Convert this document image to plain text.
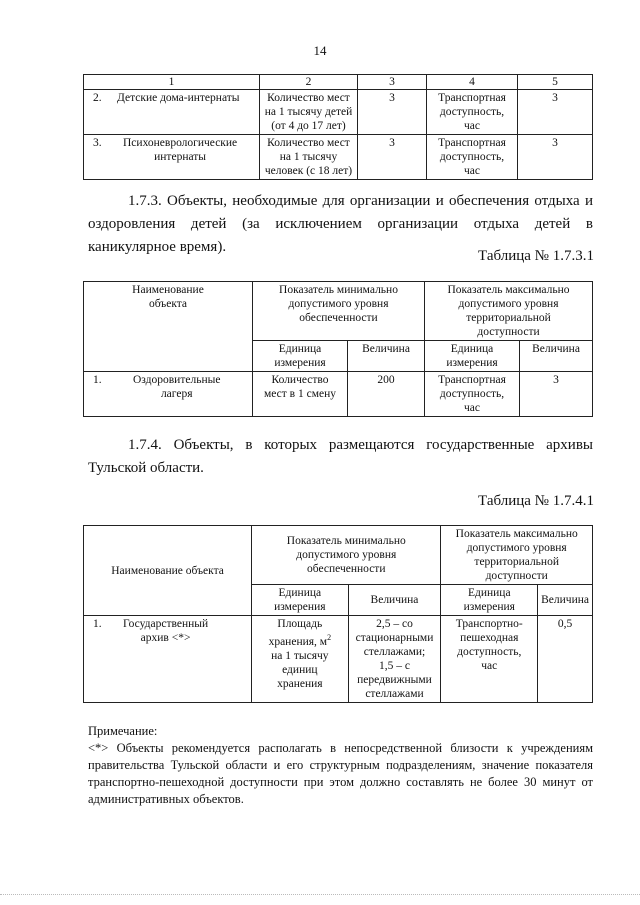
14
1	2	3	4	5
2. Детские дома-интернаты	Количество мест
на 1 тысячу детей
(от 4 до 17 лет)	3	Транспортная
доступность,
час	3

3.	Психоневрологические
интернаты
	Количество мест
на 1 тысячу
человек (с 18 лет)	3	Транспортная
доступность,
час	3
1.7.3. Объекты, необходимые для организации и обеспечения отдыха и оздоровления детей (за исключением организации отдыха детей в каникулярное время).
Таблица № 1.7.3.1
Наименование
объекта	Показатель минимально
допустимого уровня
обеспеченности	Показатель максимально
допустимого уровня
территориальной
доступности
Единица
измерения	Величина	Единица
измерения	Величина

1.	Оздоровительные
лагеря
	Количество
мест в 1 смену	200	Транспортная
доступность,
час	3
1.7.4. Объекты, в которых размещаются государственные архивы Тульской области.
Таблица № 1.7.4.1
Наименование объекта	Показатель минимально
допустимого уровня
обеспеченности	Показатель максимально
допустимого уровня
территориальной
доступности
Единица
измерения	Величина	Единица
измерения	Величина

1.	Государственный
архив <*>
	Площадь
хранения, $м^2$
на 1 тысячу
единиц
хранения	2,5 – со
стационарными
стеллажами;
1,5 – с
передвижными
стеллажами	Транспортно-
пешеходная
доступность,
час	0,5
Примечание:
<*> Объекты рекомендуется располагать в непосредственной близости к учреждениям правительства Тульской области и его структурным подразделениям, значение показателя транспортно-пешеходной доступности при этом должно составлять не более 30 минут от административных объектов.
